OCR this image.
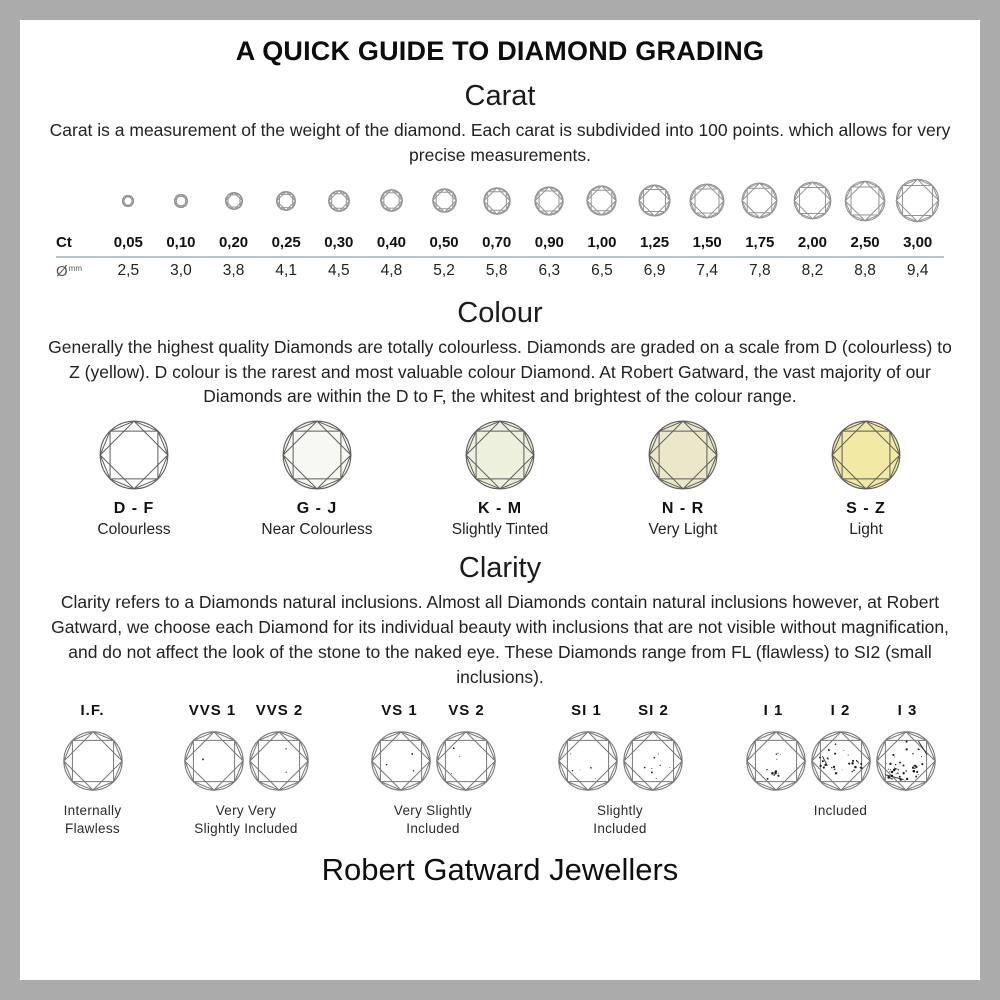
A QUICK GUIDE TO DIAMOND GRADING
Carat

Carat is a measurement of the weight of the diamond. Each carat is subdivided into 100 points. which allows for very precise measurements.

Ct	0,05	0,10	0,20	0,25	0,30	0,40	0,50	0,70	0,90	1,00	1,25	1,50	1,75	2,00	2,50	3,00
Ø mm	2,5	3,0	3,8	4,1	4,5	4,8	5,2	5,8	6,3	6,5	6,9	7,4	7,8	8,2	8,8	9,4
Colour

Generally the highest quality Diamonds are totally colourless. Diamonds are graded on a scale from D (colourless) to Z (yellow). D colour is the rarest and most valuable colour Diamond. At Robert Gatward, the vast majority of our Diamonds are within the D to F, the whitest and brightest of the colour range.

D - F
Colourless
G - J
Near Colourless
K - M
Slightly Tinted
N - R
Very Light
S - Z
Light
Clarity

Clarity refers to a Diamonds natural inclusions. Almost all Diamonds contain natural inclusions however, at Robert Gatward, we choose each Diamond for its individual beauty with inclusions that are not visible without magnification, and do not affect the look of the stone to the naked eye. These Diamonds range from FL (flawless) to SI2 (small inclusions).

I.F.
Internally
Flawless
VVS 1	VVS 2
Very Very
Slightly Included
VS 1	VS 2
Very Slightly
Included
SI 1	SI 2
Slightly
Included
I 1	I 2	I 3
Included
Robert Gatward Jewellers
